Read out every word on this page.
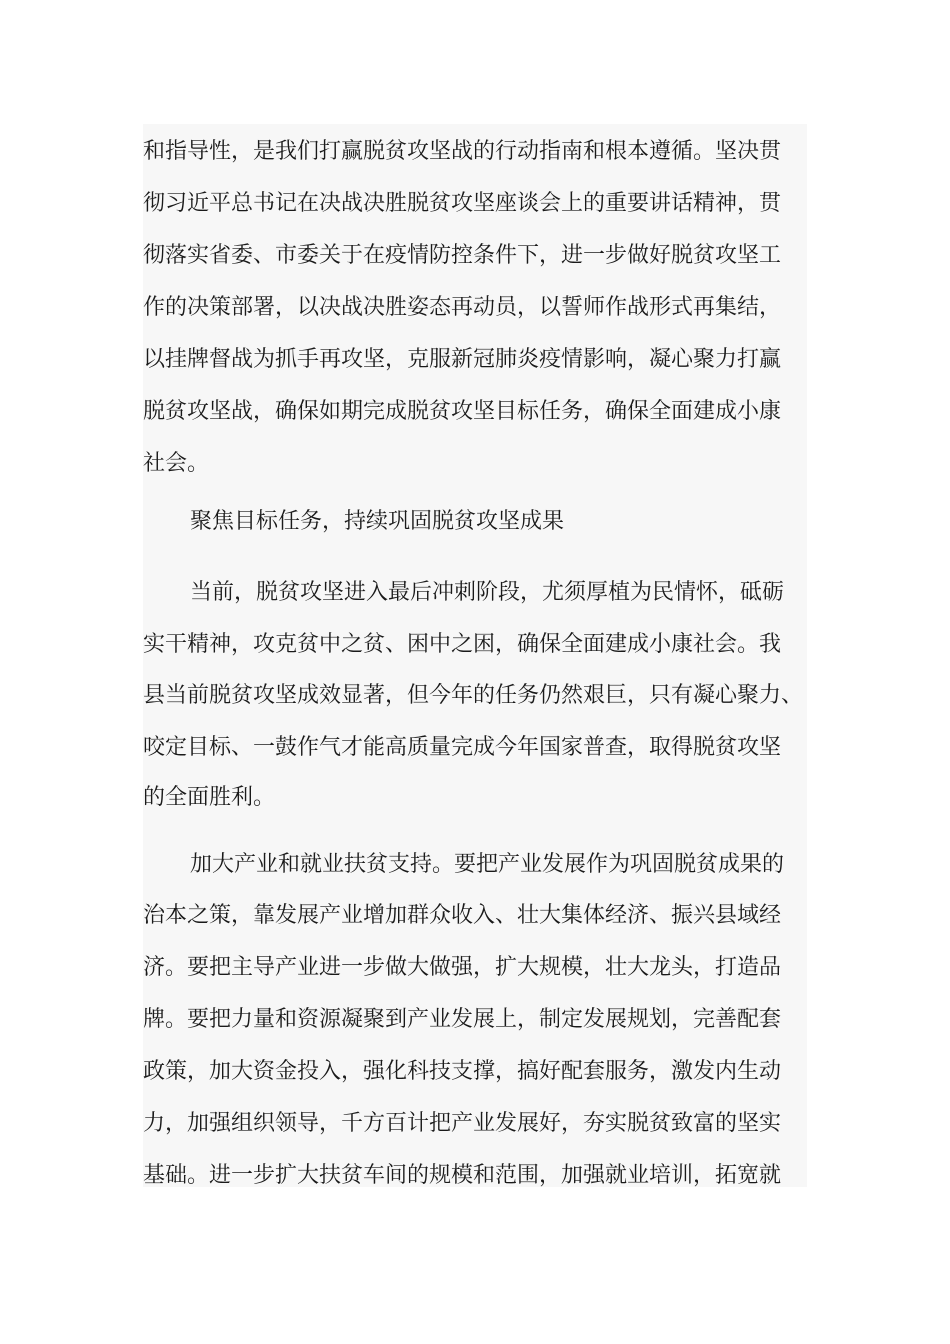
和指导性，是我们打赢脱贫攻坚战的行动指南和根本遵循。坚决贯
彻习近平总书记在决战决胜脱贫攻坚座谈会上的重要讲话精神，贯
彻落实省委、市委关于在疫情防控条件下，进一步做好脱贫攻坚工
作的决策部署，以决战决胜姿态再动员，以誓师作战形式再集结，
以挂牌督战为抓手再攻坚，克服新冠肺炎疫情影响，凝心聚力打赢
脱贫攻坚战，确保如期完成脱贫攻坚目标任务，确保全面建成小康
社会。
聚焦目标任务，持续巩固脱贫攻坚成果
当前，脱贫攻坚进入最后冲刺阶段，尤须厚植为民情怀，砥砺
实干精神，攻克贫中之贫、困中之困，确保全面建成小康社会。我
县当前脱贫攻坚成效显著，但今年的任务仍然艰巨，只有凝心聚力、
咬定目标、一鼓作气才能高质量完成今年国家普查，取得脱贫攻坚
的全面胜利。
加大产业和就业扶贫支持。要把产业发展作为巩固脱贫成果的
治本之策，靠发展产业增加群众收入、壮大集体经济、振兴县域经
济。要把主导产业进一步做大做强，扩大规模，壮大龙头，打造品
牌。要把力量和资源凝聚到产业发展上，制定发展规划，完善配套
政策，加大资金投入，强化科技支撑，搞好配套服务，激发内生动
力，加强组织领导，千方百计把产业发展好，夯实脱贫致富的坚实
基础。进一步扩大扶贫车间的规模和范围，加强就业培训，拓宽就
